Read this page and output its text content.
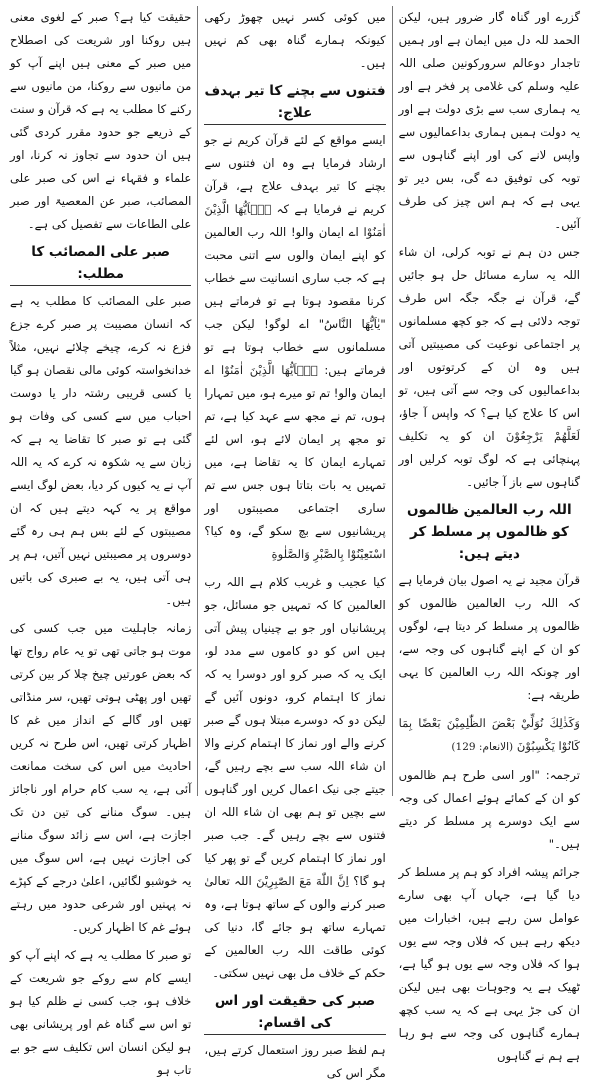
گزرے اور گناہ گار ضرور ہیں، لیکن الحمد للہ دل میں ایمان ہے اور ہمیں تاجدار دوعالم سرورکونین صلی اللہ علیہ وسلم کی غلامی پر فخر ہے اور یہ ہماری سب سے بڑی دولت ہے اور یہ دولت ہمیں ہماری بداعمالیوں سے واپس لانے کی اور اپنے گناہوں سے توبہ کی توفیق دے گی، بس دیر تو یہی ہے کہ ہم اس چیز کی طرف آئیں۔

جس دن ہم نے توبہ کرلی، ان شاء اللہ یہ سارے مسائل حل ہو جائیں گے، قرآن نے جگہ جگہ اس طرف توجہ دلائی ہے کہ جو کچھ مسلمانوں پر اجتماعی نوعیت کی مصیبتیں آتی ہیں وہ ان کے کرتوتوں اور بداعمالیوں کی وجہ سے آتی ہیں، تو اس کا علاج کیا ہے؟ کہ واپس آ جاؤ، لَعَلَّهُمْ يَرْجِعُوْنَ ان کو یہ تکلیف پہنچائی ہے کہ لوگ توبہ کرلیں اور گناہوں سے باز آ جائیں۔

اللہ رب العالمین ظالموں کو ظالموں پر مسلط کر دیتے ہیں:

قرآن مجید نے یہ اصول بیان فرمایا ہے کہ اللہ رب العالمین ظالموں کو ظالموں پر مسلط کر دیتا ہے، لوگوں کو ان کے اپنے گناہوں کی وجہ سے، اور چونکہ اللہ رب العالمین کا یہی طریقہ ہے:

وَكَذٰلِكَ نُوَلِّيْ بَعْضَ الظّٰلِمِيْنَ بَعْضًا بِمَا كَانُوْا يَكْسِبُوْنَ (الانعام: 129)

ترجمہ: "اور اسی طرح ہم ظالموں کو ان کے کمائے ہوئے اعمال کی وجہ سے ایک دوسرے پر مسلط کر دیتے ہیں۔"

جرائم پیشہ افراد کو ہم پر مسلط کر دیا گیا ہے، جہاں آپ بھی سارے عوامل سن رہے ہیں، اخبارات میں دیکھ رہے ہیں کہ فلاں وجہ سے یوں ہوا کہ فلاں وجہ سے یوں ہو گیا ہے، ٹھیک ہے یہ وجوہات بھی ہیں لیکن ان کی جڑ یہی ہے کہ یہ سب کچھ ہمارے گناہوں کی وجہ سے ہو رہا ہے ہم نے گناہوں

میں کوئی کسر نہیں چھوڑ رکھی کیونکہ ہمارے گناہ بھی کم نہیں ہیں۔

فتنوں سے بچنے کا تیر بہدف علاج:

ایسے مواقع کے لئے قرآن کریم نے جو ارشاد فرمایا ہے وہ ان فتنوں سے بچنے کا تیر بہدف علاج ہے، قرآن کریم نے فرمایا ہے کہ يٰۤاَيُّهَا الَّذِيْنَ اٰمَنُوْا اے ایمان والو! اللہ رب العالمین کو اپنے ایمان والوں سے اتنی محبت ہے کہ جب ساری انسانیت سے خطاب کرنا مقصود ہوتا ہے تو فرماتے ہیں "یٰاَیُّھَا النَّاسُ" اے لوگو! لیکن جب مسلمانوں سے خطاب ہوتا ہے تو فرماتے ہیں: يٰۤاَيُّهَا الَّذِيْنَ اٰمَنُوْا اے ایمان والو! تم تو میرے ہو، میں تمہارا ہوں، تم نے مجھ سے عہد کیا ہے، تم تو مجھ پر ایمان لائے ہو، اس لئے تمہارے ایمان کا یہ تقاضا ہے، میں تمہیں یہ بات بتاتا ہوں جس سے تم ساری اجتماعی مصیبتوں اور پریشانیوں سے بچ سکو گے، وہ کیا؟ اسْتَعِيْنُوْا بِالصَّبْرِ وَالصَّلٰوةِ

کیا عجیب و غریب کلام ہے اللہ رب العالمین کا کہ تمہیں جو مسائل، جو پریشانیاں اور جو بے چینیاں پیش آتی ہیں اس کو دو کاموں سے مدد لو، ایک یہ کہ صبر کرو اور دوسرا یہ کہ نماز کا اہتمام کرو، دونوں آئیں گے لیکن دو کہ دوسرے مبتلا ہوں گے صبر کرنے والے اور نماز کا اہتمام کرنے والا ان شاء اللہ سب سے بچے رہیں گے، جیتے جی نیک اعمال کریں اور گناہوں سے بچیں تو ہم بھی ان شاء اللہ ان فتنوں سے بچے رہیں گے۔ جب صبر اور نماز کا اہتمام کریں گے تو پھر کیا ہو گا؟ اِنَّ اللّٰهَ مَعَ الصّٰبِرِيْنَ اللہ تعالیٰ صبر کرنے والوں کے ساتھ ہوتا ہے، وہ تمہارے ساتھ ہو جائے گا، دنیا کی کوئی طاقت اللہ رب العالمین کے حکم کے خلاف مل بھی نہیں سکتی۔

صبر کی حقیقت اور اس کی اقسام:

ہم لفظ صبر روز استعمال کرتے ہیں، مگر اس کی

حقیقت کیا ہے؟ صبر کے لغوی معنی ہیں روکنا اور شریعت کی اصطلاح میں صبر کے معنی ہیں اپنے آپ کو من مانیوں سے روکنا، من مانیوں سے رکنے کا مطلب یہ ہے کہ قرآن و سنت کے ذریعے جو حدود مقرر کردی گئی ہیں ان حدود سے تجاوز نہ کرنا، اور علماء و فقہاء نے اس کی صبر علی المصائب، صبر عن المعصیۃ اور صبر علی الطاعات سے تفصیل کی ہے۔

صبر علی المصائب کا مطلب:

صبر علی المصائب کا مطلب یہ ہے کہ انسان مصیبت پر صبر کرے جزع فزع نہ کرے، چیخے چلائے نہیں، مثلاً خدانخواستہ کوئی مالی نقصان ہو گیا یا کسی قریبی رشتہ دار یا دوست احباب میں سے کسی کی وفات ہو گئی ہے تو صبر کا تقاضا یہ ہے کہ زبان سے یہ شکوہ نہ کرے کہ یہ اللہ آپ نے یہ کیوں کر دیا، بعض لوگ ایسے مواقع پر یہ کہہ دیتے ہیں کہ ان مصیبتوں کے لئے بس ہم ہی رہ گئے دوسروں پر مصیبتیں نہیں آتیں، ہم پر ہی آتی ہیں، یہ بے صبری کی باتیں ہیں۔

زمانہ جاہلیت میں جب کسی کی موت ہو جاتی تھی تو یہ عام رواج تھا کہ بعض عورتیں چیخ چلا کر بین کرتی تھیں اور پھٹی ہوتی تھیں، سر منڈاتی تھیں اور گالے کے انداز میں غم کا اظہار کرتی تھیں، اس طرح نہ کریں احادیث میں اس کی سخت ممانعت آئی ہے، یہ سب کام حرام اور ناجائز ہیں۔ سوگ منانے کی تین دن تک اجازت ہے، اس سے زائد سوگ منانے کی اجازت نہیں ہے، اس سوگ میں یہ خوشبو لگائیں، اعلیٰ درجے کے کپڑے نہ پہنیں اور شرعی حدود میں رہتے ہوئے غم کا اظہار کریں۔

تو صبر کا مطلب یہ ہے کہ اپنے آپ کو ایسے کام سے روکے جو شریعت کے خلاف ہو، جب کسی نے ظلم کیا ہو تو اس سے گناہ غم اور پریشانی بھی ہو لیکن انسان اس تکلیف سے جو بے تاب ہو
